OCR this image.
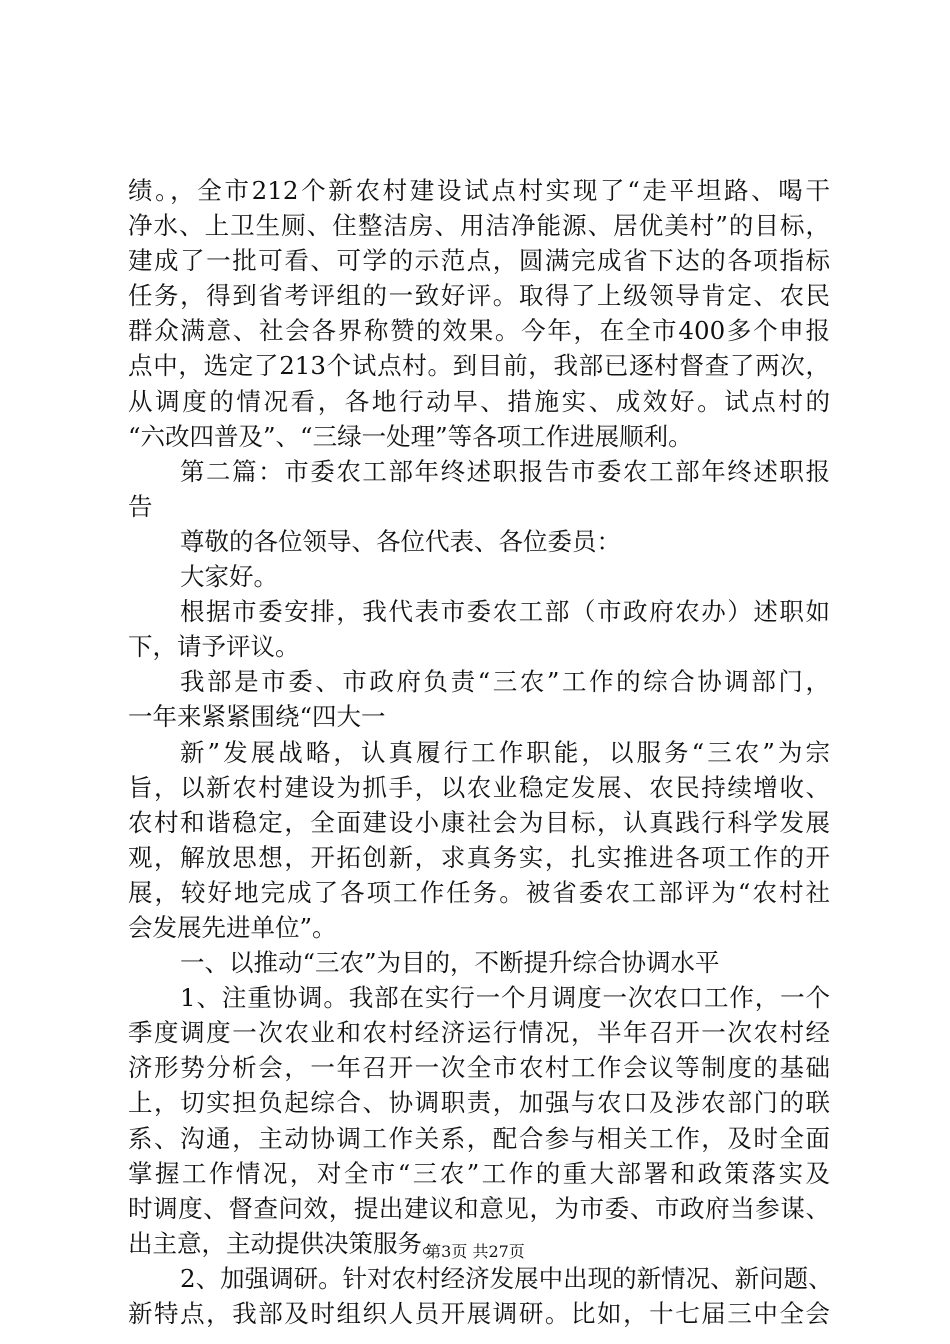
绩。，全市212个新农村建设试点村实现了“走平坦路、喝干
净水、上卫生厕、住整洁房、用洁净能源、居优美村”的目标，
建成了一批可看、可学的示范点，圆满完成省下达的各项指标
任务，得到省考评组的一致好评。取得了上级领导肯定、农民
群众满意、社会各界称赞的效果。今年，在全市400多个申报
点中，选定了213个试点村。到目前，我部已逐村督查了两次，
从调度的情况看，各地行动早、措施实、成效好。试点村的
“六改四普及”、“三绿一处理”等各项工作进展顺利。
第二篇：市委农工部年终述职报告市委农工部年终述职报
告
尊敬的各位领导、各位代表、各位委员：
大家好。
根据市委安排，我代表市委农工部（市政府农办）述职如
下，请予评议。
我部是市委、市政府负责“三农”工作的综合协调部门，
一年来紧紧围绕“四大一
新”发展战略，认真履行工作职能，以服务“三农”为宗
旨，以新农村建设为抓手，以农业稳定发展、农民持续增收、
农村和谐稳定，全面建设小康社会为目标，认真践行科学发展
观，解放思想，开拓创新，求真务实，扎实推进各项工作的开
展，较好地完成了各项工作任务。被省委农工部评为“农村社
会发展先进单位”。
一、以推动“三农”为目的，不断提升综合协调水平
1、注重协调。我部在实行一个月调度一次农口工作，一个
季度调度一次农业和农村经济运行情况，半年召开一次农村经
济形势分析会，一年召开一次全市农村工作会议等制度的基础
上，切实担负起综合、协调职责，加强与农口及涉农部门的联
系、沟通，主动协调工作关系，配合参与相关工作，及时全面
掌握工作情况，对全市“三农”工作的重大部署和政策落实及
时调度、督查问效，提出建议和意见，为市委、市政府当参谋、
出主意，主动提供决策服务。
2、加强调研。针对农村经济发展中出现的新情况、新问题、
新特点，我部及时组织人员开展调研。比如，十七届三中全会
第3页 共27页
